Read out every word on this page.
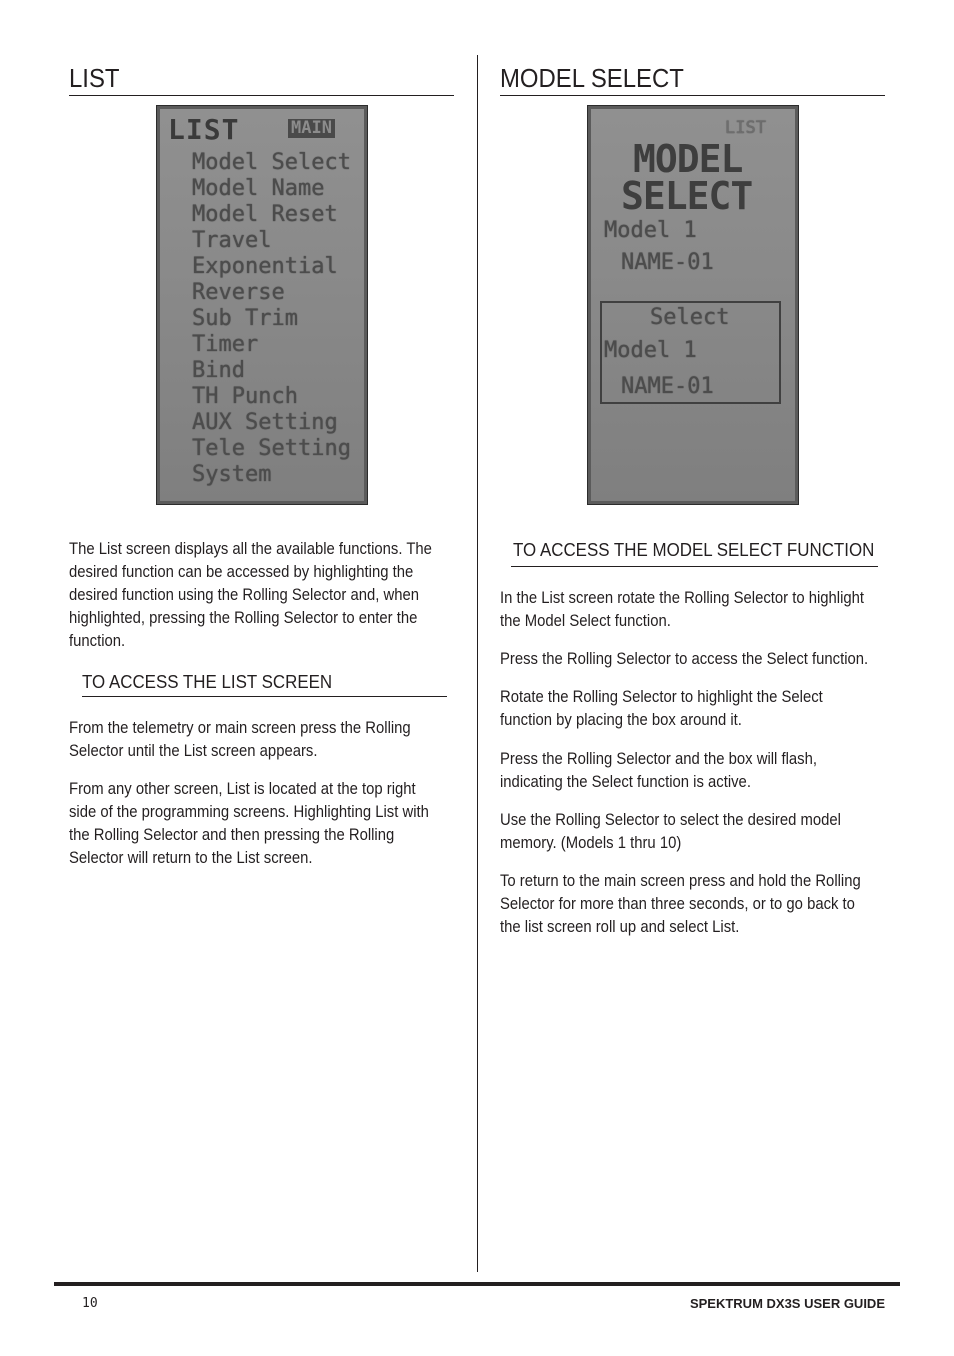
LIST
LIST	MAIN
Model Select
Model Name
Model Reset
Travel
Exponential
Reverse
Sub Trim
Timer
Bind
TH Punch
AUX Setting
Tele Setting
System
The List screen displays all the available functions. The desired function can be accessed by highlighting the desired function using the Rolling Selector and, when highlighted, pressing the Rolling Selector to enter the function.
TO ACCESS THE LIST SCREEN
From the telemetry or main screen press the Rolling Selector until the List screen appears.
From any other screen, List is located at the top right side of the programming screens. Highlighting List with the Rolling Selector and then pressing the Rolling Selector will return to the List screen.
MODEL SELECT
LIST
MODEL
SELECT
Model 1
NAME-01
Select
Model 1
NAME-01
TO ACCESS THE MODEL SELECT FUNCTION
In the List screen rotate the Rolling Selector to highlight the Model Select function.
Press the Rolling Selector to access the Select function.
Rotate the Rolling Selector to highlight the Select function by placing the box around it.
Press the Rolling Selector and the box will flash, indicating the Select function is active.
Use the Rolling Selector to select the desired model memory. (Models 1 thru 10)
To return to the main screen press and hold the Rolling Selector for more than three seconds, or to go back to the list screen roll up and select List.
10	SPEKTRUM DX3S USER GUIDE
